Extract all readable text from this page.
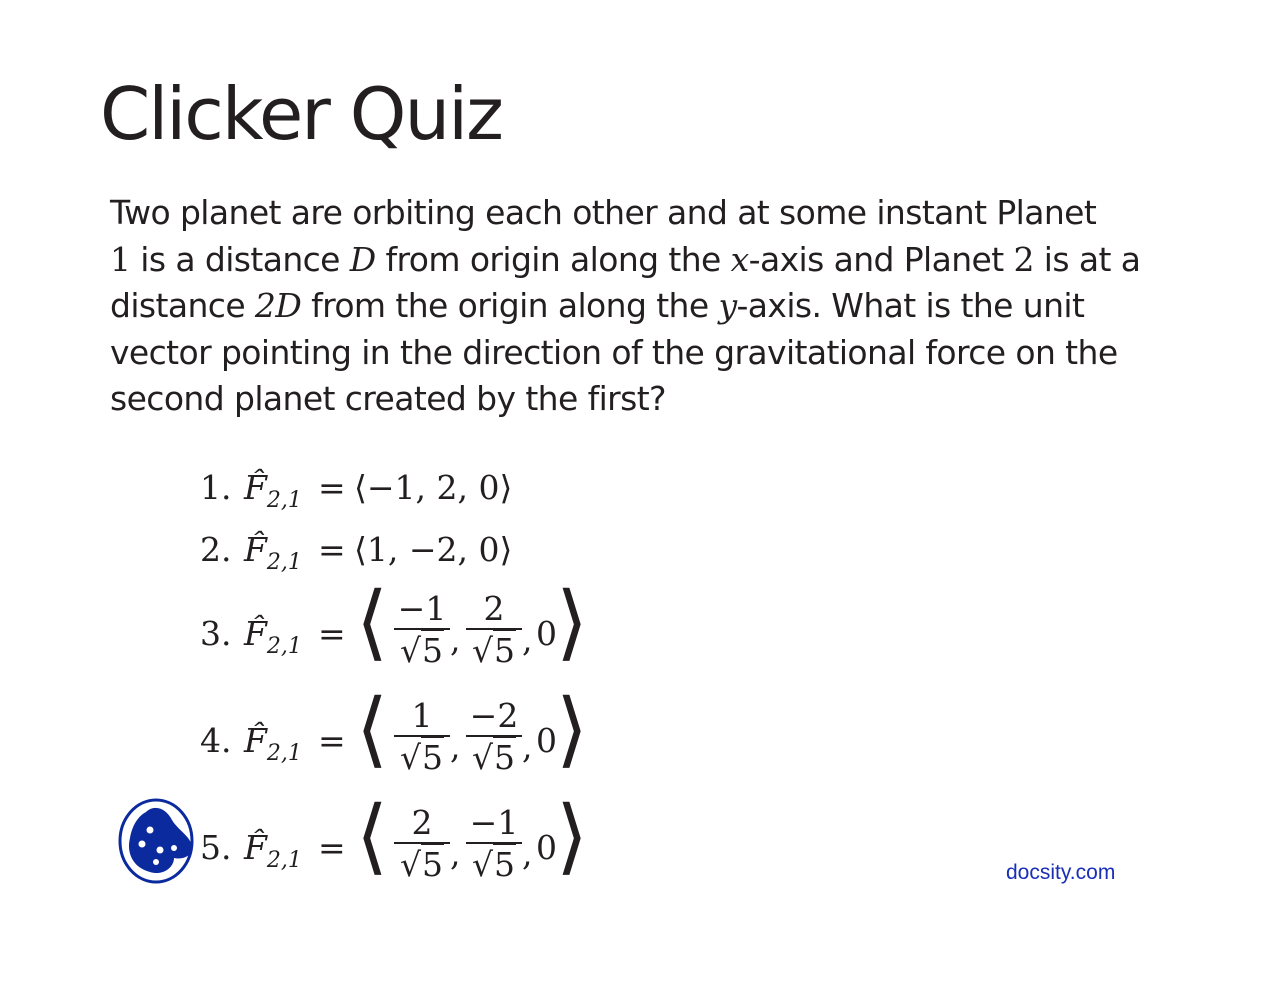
Clicker Quiz
Two planet are orbiting each other and at some instant Planet
1 is a distance D from origin along the x-axis and Planet 2 is at a
distance 2D from the origin along the y-axis. What is the unit
vector pointing in the direction of the gravitational force on the
second planet created by the first?
1. $F̂_{2,1}$ = ⟨−1, 2, 0⟩
2. $F̂_{2,1}$ = ⟨1, −2, 0⟩
3. $F̂_{2,1}$ = ⟨ −1
√5 ,
2
√5 , 0 ⟩
4. $F̂_{2,1}$ = ⟨ 1
√5 ,
−2
√5 , 0 ⟩
5. $F̂_{2,1}$ = ⟨ 2
√5 ,
−1
√5 , 0 ⟩	docsity.com
